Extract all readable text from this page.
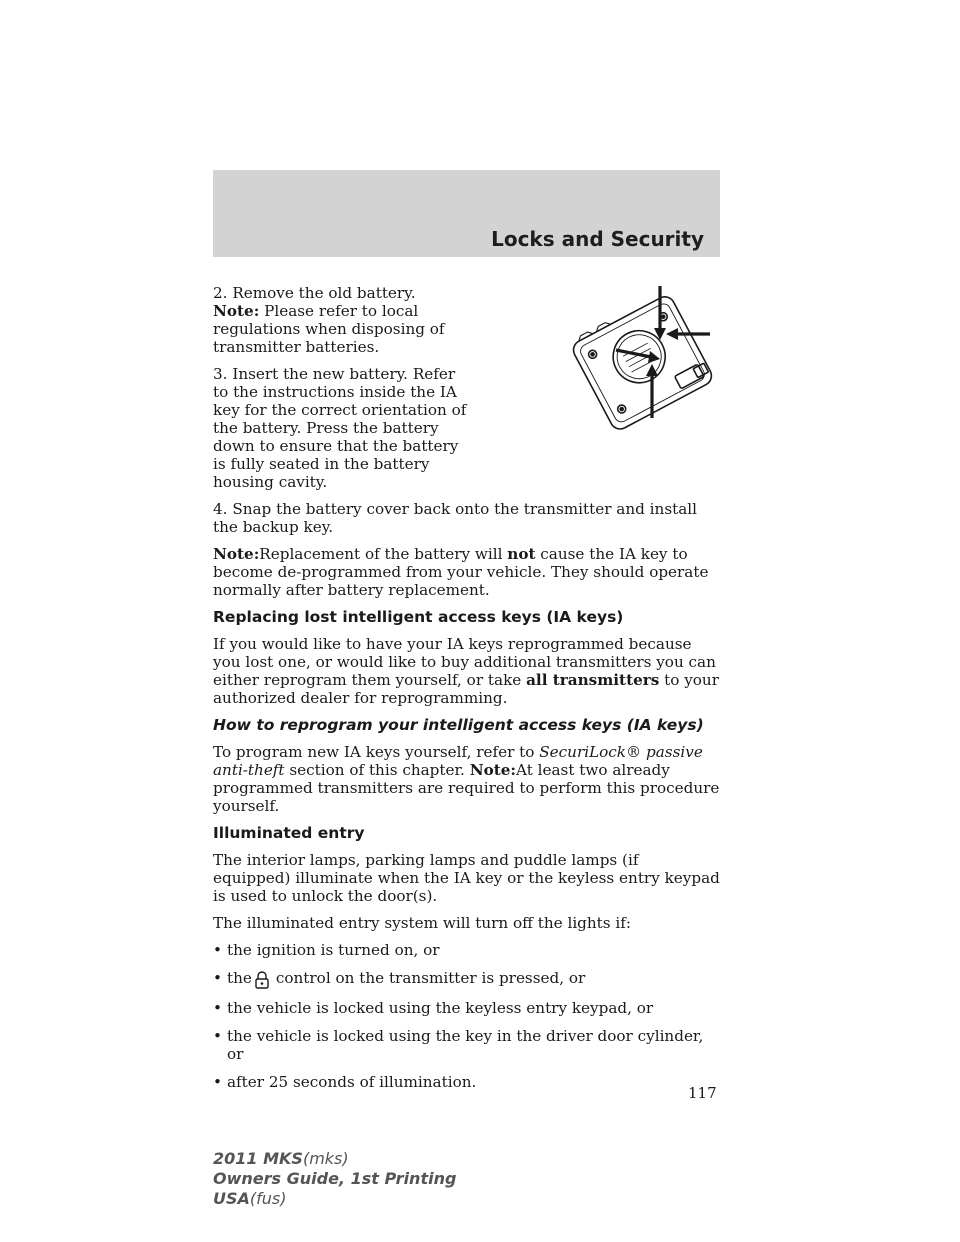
Locks and Security

2. Remove the old battery.
Note: Please refer to local regulations when disposing of transmitter batteries.

3. Insert the new battery. Refer to the instructions inside the IA key for the correct orientation of the battery. Press the battery down to ensure that the battery is fully seated in the battery housing cavity.

4. Snap the battery cover back onto the transmitter and install the backup key.

Note:Replacement of the battery will not cause the IA key to become de-programmed from your vehicle. They should operate normally after battery replacement.

Replacing lost intelligent access keys (IA keys)

If you would like to have your IA keys reprogrammed because you lost one, or would like to buy additional transmitters you can either reprogram them yourself, or take all transmitters to your authorized dealer for reprogramming.

How to reprogram your intelligent access keys (IA keys)

To program new IA keys yourself, refer to SecuriLock® passive anti-theft section of this chapter. Note:At least two already programmed transmitters are required to perform this procedure yourself.

Illuminated entry

The interior lamps, parking lamps and puddle lamps (if equipped) illuminate when the IA key or the keyless entry keypad is used to unlock the door(s).

The illuminated entry system will turn off the lights if:

• the ignition is turned on, or
• the control on the transmitter is pressed, or
• the vehicle is locked using the keyless entry keypad, or
• the vehicle is locked using the key in the driver door cylinder, or
• after 25 seconds of illumination.
117
2011 MKS(mks)
Owners Guide, 1st Printing
USA(fus)
